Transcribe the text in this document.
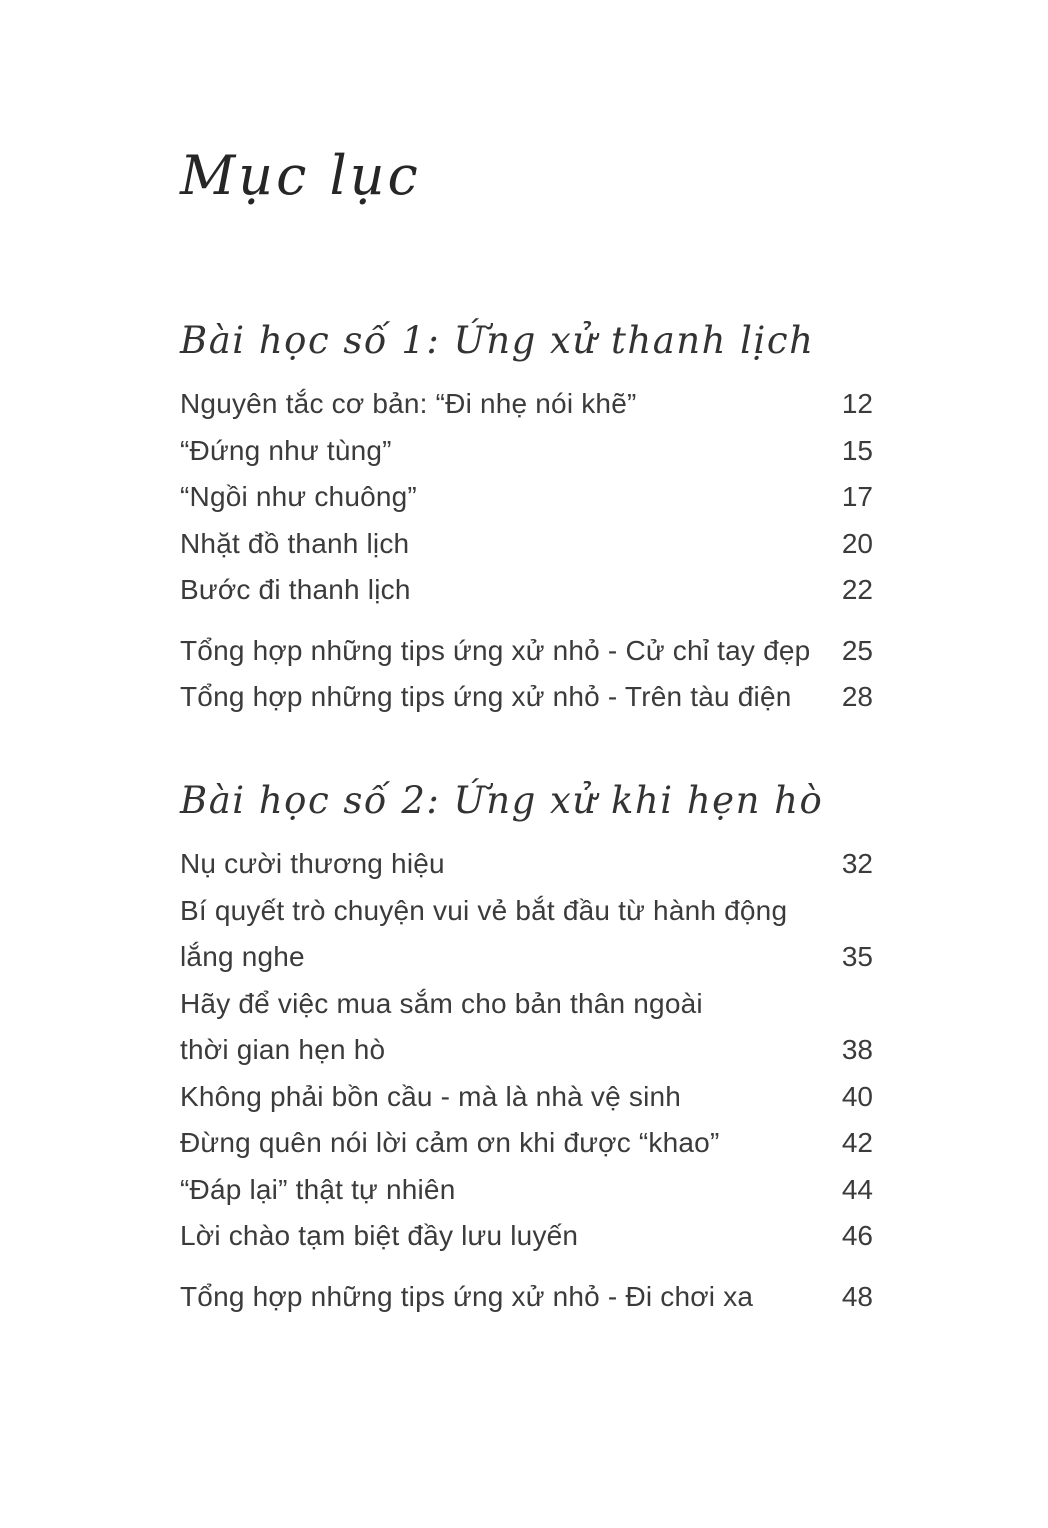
Mục lục
Bài học số 1: Ứng xử thanh lịch
Nguyên tắc cơ bản: “Đi nhẹ nói khẽ”	12
“Đứng như tùng”	15
“Ngồi như chuông”	17
Nhặt đồ thanh lịch	20
Bước đi thanh lịch	22
Tổng hợp những tips ứng xử nhỏ - Cử chỉ tay đẹp	25
Tổng hợp những tips ứng xử nhỏ - Trên tàu điện	28
Bài học số 2: Ứng xử khi hẹn hò
Nụ cười thương hiệu	32
Bí quyết trò chuyện vui vẻ bắt đầu từ hành động
lắng nghe	35
Hãy để việc mua sắm cho bản thân ngoài
thời gian hẹn hò	38
Không phải bồn cầu - mà là nhà vệ sinh	40
Đừng quên nói lời cảm ơn khi được “khao”	42
“Đáp lại” thật tự nhiên	44
Lời chào tạm biệt đầy lưu luyến	46
Tổng hợp những tips ứng xử nhỏ - Đi chơi xa	48
